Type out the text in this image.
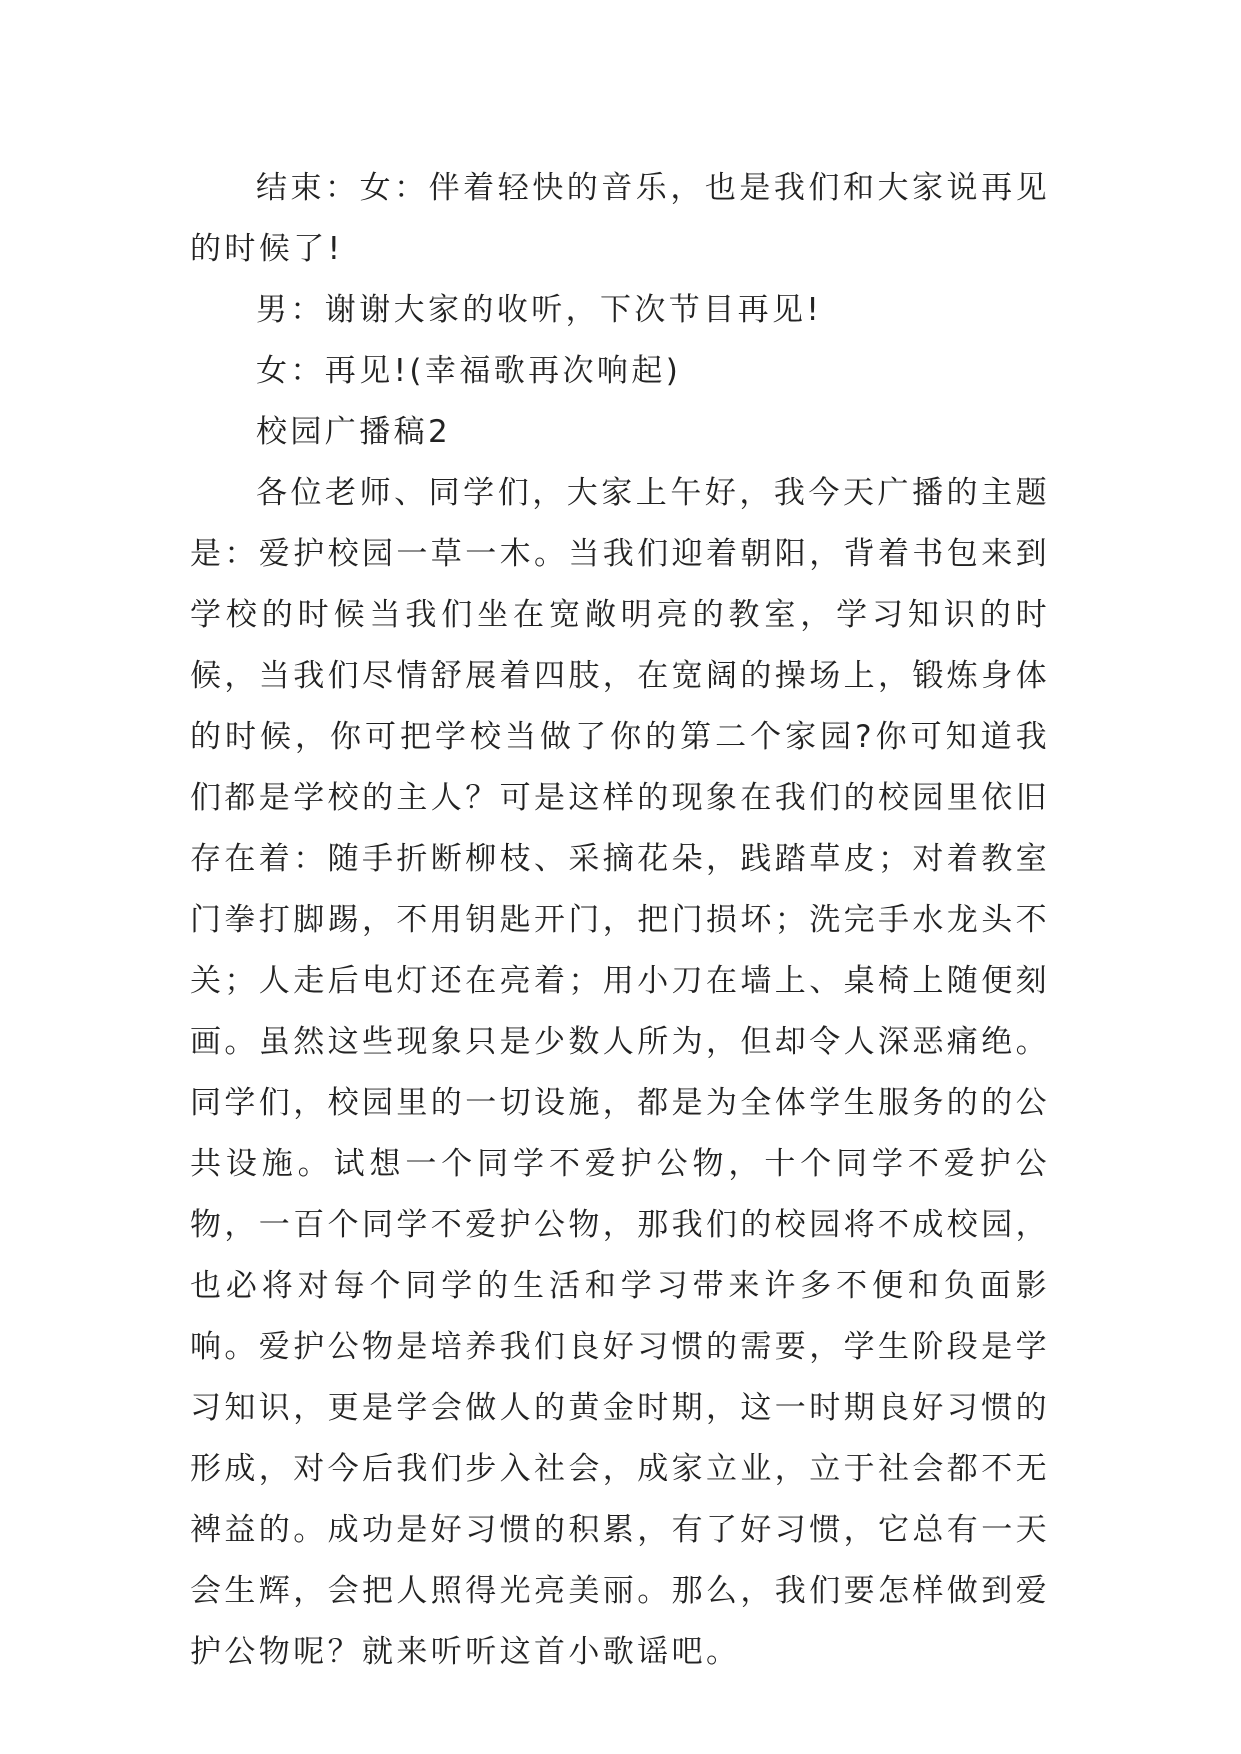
结束：女：伴着轻快的音乐，也是我们和大家说再见的时候了!

男：谢谢大家的收听，下次节目再见!

女：再见!(幸福歌再次响起)

校园广播稿2

各位老师、同学们，大家上午好，我今天广播的主题是：爱护校园一草一木。当我们迎着朝阳，背着书包来到学校的时候当我们坐在宽敞明亮的教室，学习知识的时候，当我们尽情舒展着四肢，在宽阔的操场上，锻炼身体的时候，你可把学校当做了你的第二个家园?你可知道我们都是学校的主人？可是这样的现象在我们的校园里依旧存在着：随手折断柳枝、采摘花朵，践踏草皮；对着教室门拳打脚踢，不用钥匙开门，把门损坏；洗完手水龙头不关；人走后电灯还在亮着；用小刀在墙上、桌椅上随便刻画。虽然这些现象只是少数人所为，但却令人深恶痛绝。同学们，校园里的一切设施，都是为全体学生服务的的公共设施。试想一个同学不爱护公物，十个同学不爱护公物，一百个同学不爱护公物，那我们的校园将不成校园，也必将对每个同学的生活和学习带来许多不便和负面影响。爱护公物是培养我们良好习惯的需要，学生阶段是学习知识，更是学会做人的黄金时期，这一时期良好习惯的形成，对今后我们步入社会，成家立业，立于社会都不无裨益的。成功是好习惯的积累，有了好习惯，它总有一天会生辉，会把人照得光亮美丽。那么，我们要怎样做到爱护公物呢？就来听听这首小歌谣吧。
